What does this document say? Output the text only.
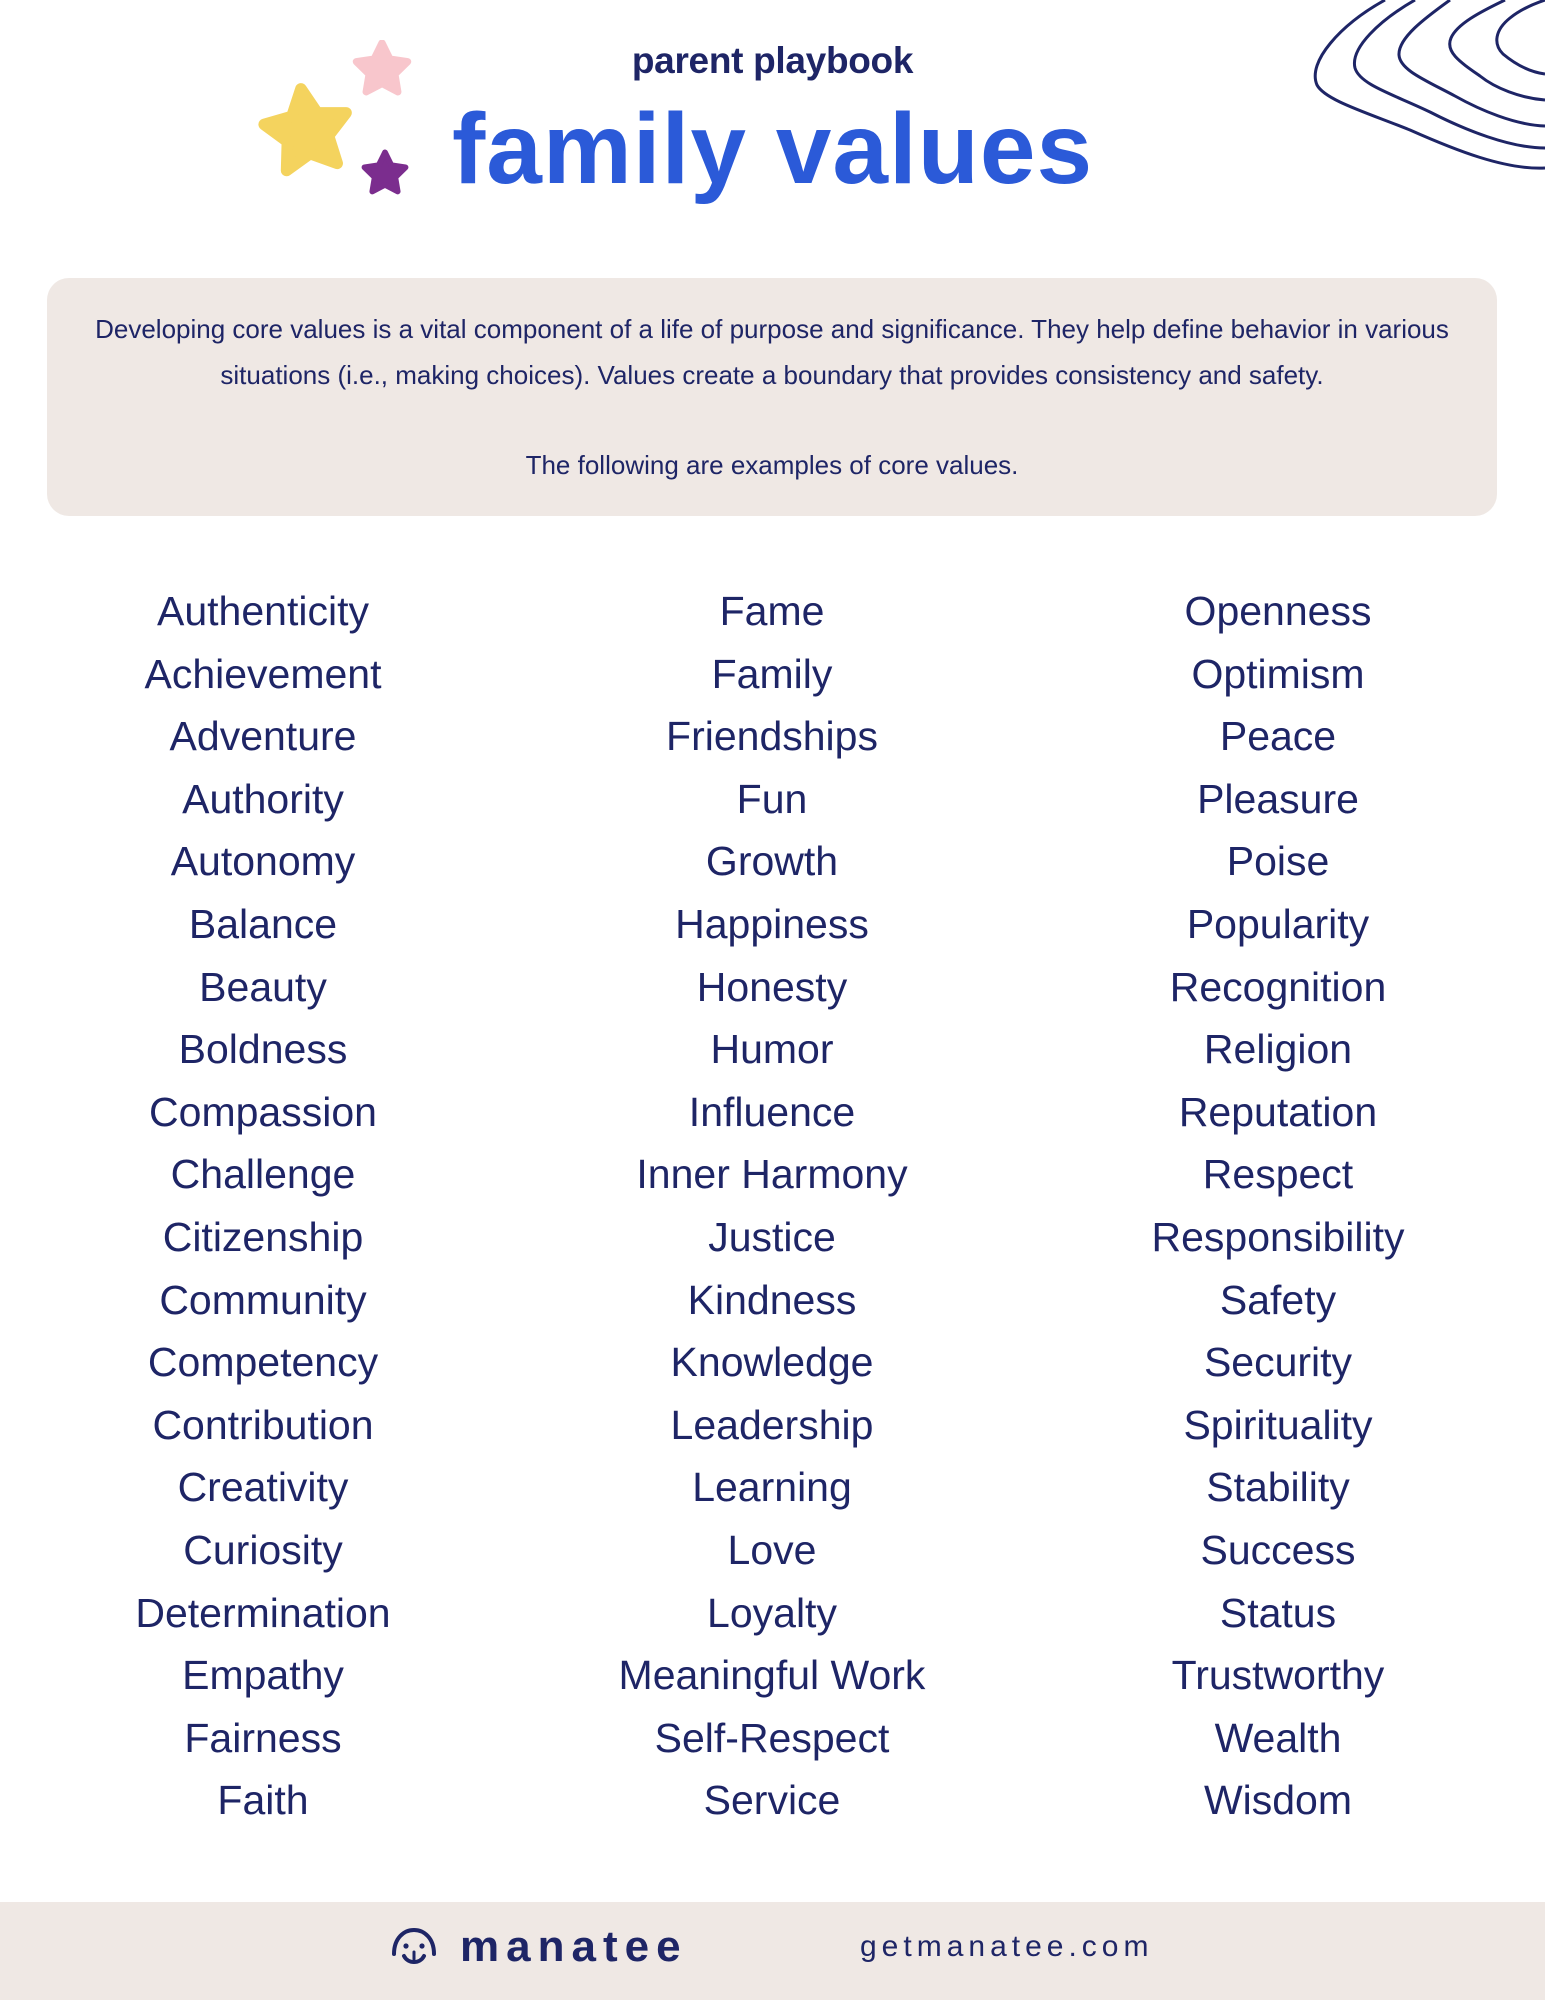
parent playbook
family values

Developing core values is a vital component of a life of purpose and significance. They help define behavior in various situations (i.e., making choices). Values create a boundary that provides consistency and safety.

The following are examples of core values.

Authenticity
Achievement
Adventure
Authority
Autonomy
Balance
Beauty
Boldness
Compassion
Challenge
Citizenship
Community
Competency
Contribution
Creativity
Curiosity
Determination
Empathy
Fairness
Faith
Fame
Family
Friendships
Fun
Growth
Happiness
Honesty
Humor
Influence
Inner Harmony
Justice
Kindness
Knowledge
Leadership
Learning
Love
Loyalty
Meaningful Work
Self-Respect
Service
Openness
Optimism
Peace
Pleasure
Poise
Popularity
Recognition
Religion
Reputation
Respect
Responsibility
Safety
Security
Spirituality
Stability
Success
Status
Trustworthy
Wealth
Wisdom
manatee	getmanatee.com
